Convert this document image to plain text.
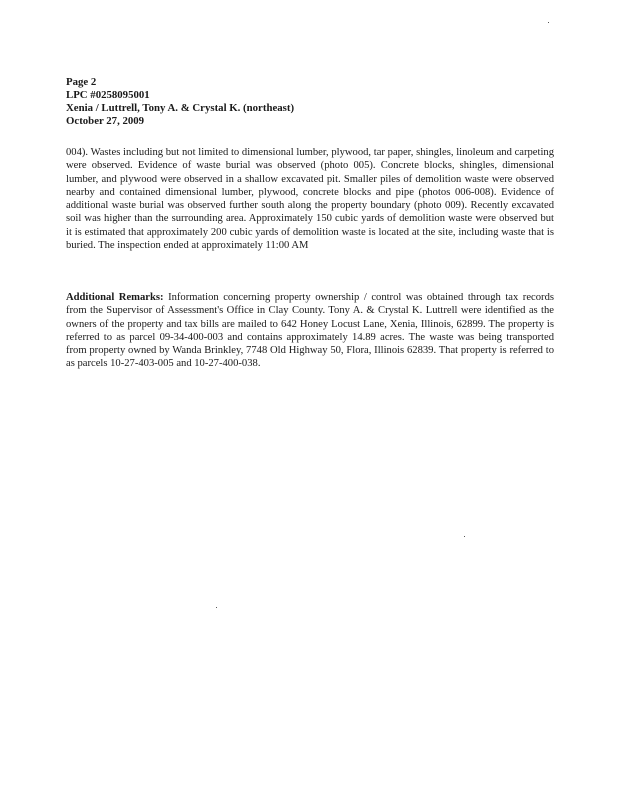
Page 2
LPC #0258095001
Xenia / Luttrell, Tony A. & Crystal K. (northeast)
October 27, 2009
004). Wastes including but not limited to dimensional lumber, plywood, tar paper, shingles, linoleum and carpeting were observed. Evidence of waste burial was observed (photo 005). Concrete blocks, shingles, dimensional lumber, and plywood were observed in a shallow excavated pit. Smaller piles of demolition waste were observed nearby and contained dimensional lumber, plywood, concrete blocks and pipe (photos 006-008). Evidence of additional waste burial was observed further south along the property boundary (photo 009). Recently excavated soil was higher than the surrounding area. Approximately 150 cubic yards of demolition waste were observed but it is estimated that approximately 200 cubic yards of demolition waste is located at the site, including waste that is buried. The inspection ended at approximately 11:00 AM
Additional Remarks: Information concerning property ownership / control was obtained through tax records from the Supervisor of Assessment's Office in Clay County. Tony A. & Crystal K. Luttrell were identified as the owners of the property and tax bills are mailed to 642 Honey Locust Lane, Xenia, Illinois, 62899. The property is referred to as parcel 09-34-400-003 and contains approximately 14.89 acres. The waste was being transported from property owned by Wanda Brinkley, 7748 Old Highway 50, Flora, Illinois 62839. That property is referred to as parcels 10-27-403-005 and 10-27-400-038.
